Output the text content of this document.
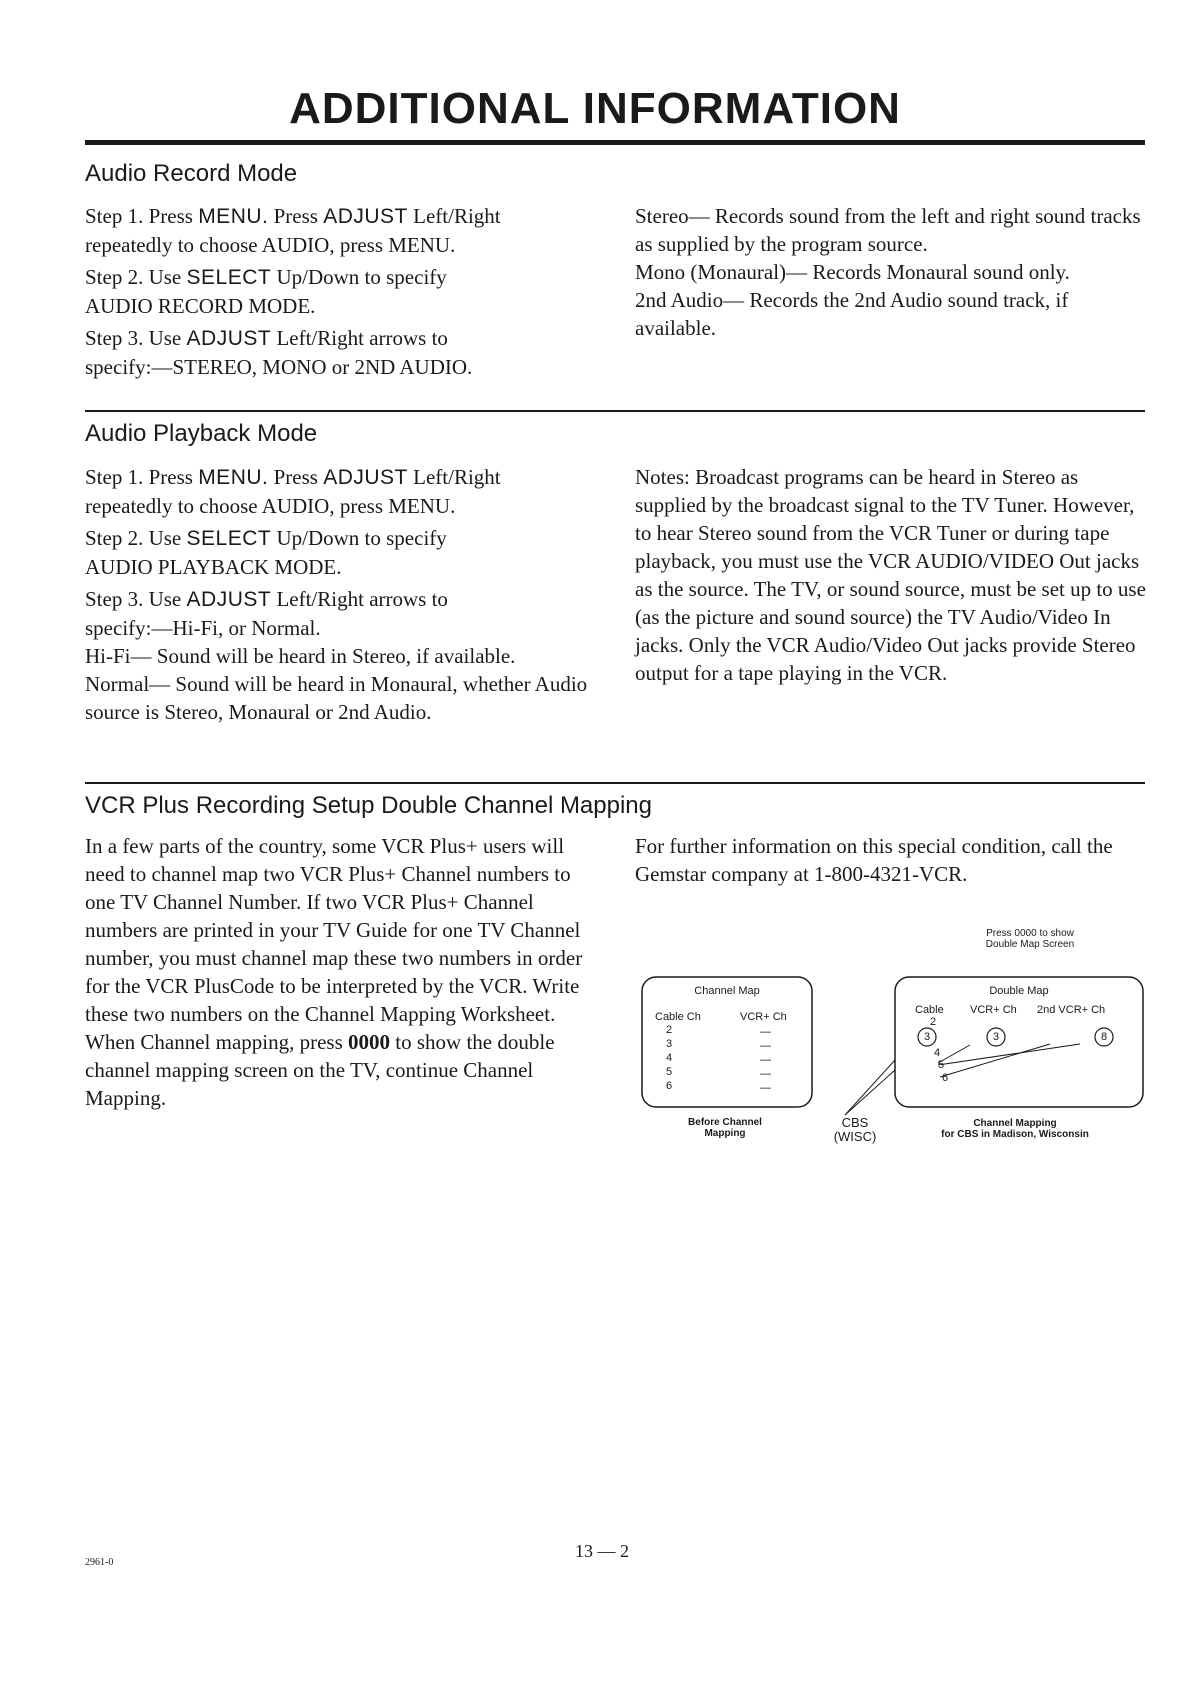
ADDITIONAL INFORMATION
Audio Record Mode

Step 1. Press MENU. Press ADJUST Left/Right
repeatedly to choose AUDIO, press MENU.

Step 2. Use SELECT Up/Down to specify
AUDIO RECORD MODE.

Step 3. Use ADJUST Left/Right arrows to
specify:—STEREO, MONO or 2ND AUDIO.

Stereo— Records sound from the left and right sound tracks as supplied by the program source.

Mono (Monaural)— Records Monaural sound only.

2nd Audio— Records the 2nd Audio sound track, if available.

Audio Playback Mode

Step 1. Press MENU. Press ADJUST Left/Right
repeatedly to choose AUDIO, press MENU.

Step 2. Use SELECT Up/Down to specify
AUDIO PLAYBACK MODE.

Step 3. Use ADJUST Left/Right arrows to
specify:—Hi-Fi, or Normal.

Hi-Fi— Sound will be heard in Stereo, if available.

Normal— Sound will be heard in Monaural, whether Audio source is Stereo, Monaural or 2nd Audio.

Notes: Broadcast programs can be heard in Stereo as supplied by the broadcast signal to the TV Tuner. However, to hear Stereo sound from the VCR Tuner or during tape playback, you must use the VCR AUDIO/VIDEO Out jacks as the source. The TV, or sound source, must be set up to use (as the picture and sound source) the TV Audio/Video In jacks. Only the VCR Audio/Video Out jacks provide Stereo output for a tape playing in the VCR.

VCR Plus Recording Setup Double Channel Mapping

In a few parts of the country, some VCR Plus+ users will need to channel map two VCR Plus+ Channel numbers to one TV Channel Number. If two VCR Plus+ Channel numbers are printed in your TV Guide for one TV Channel number, you must channel map these two numbers in order for the VCR PlusCode to be interpreted by the VCR. Write these two numbers on the Channel Mapping Worksheet.

When Channel mapping, press 0000 to show the double channel mapping screen on the TV, continue Channel Mapping.

For further information on this special condition, call the Gemstar company at 1-800-4321-VCR.

Press 0000 to show
Double Map Screen
Channel Map
Cable Ch	VCR+ Ch
2
3
4
5
6
—
—
—
—
—
Double Map
Cable VCR+ Ch 2nd VCR+ Ch
2
3
4
5
6
3	8
Before Channel
Mapping
CBS
(WISC)
Channel Mapping
for CBS in Madison, Wisconsin
2961-0
13 — 2
